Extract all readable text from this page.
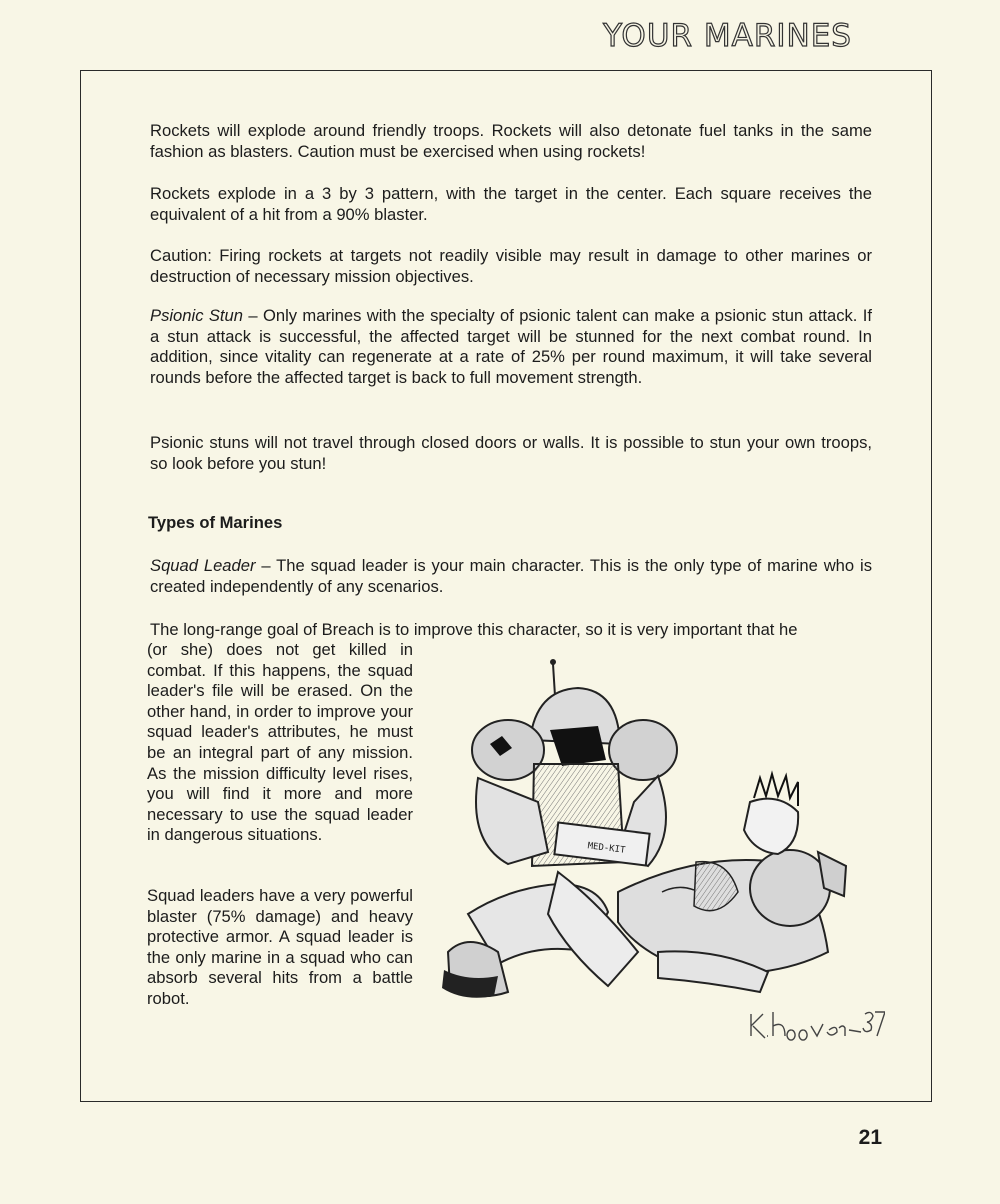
YOUR MARINES

Rockets will explode around friendly troops. Rockets will also detonate fuel tanks in the same fashion as blasters. Caution must be exercised when using rockets!

Rockets explode in a 3 by 3 pattern, with the target in the center. Each square receives the equivalent of a hit from a 90% blaster.

Caution: Firing rockets at targets not readily visible may result in damage to other marines or destruction of necessary mission objectives.

Psionic Stun – Only marines with the specialty of psionic talent can make a psionic stun attack. If a stun attack is successful, the affected target will be stunned for the next combat round. In addition, since vitality can regenerate at a rate of 25% per round maximum, it will take several rounds before the affected target is back to full movement strength.

Psionic stuns will not travel through closed doors or walls. It is possible to stun your own troops, so look before you stun!

Types of Marines

Squad Leader – The squad leader is your main character. This is the only type of marine who is created independently of any scenarios.

The long-range goal of Breach is to improve this character, so it is very important that he

(or she) does not get killed in combat. If this happens, the squad leader's file will be erased. On the other hand, in order to improve your squad leader's attributes, he must be an integral part of any mission. As the mission difficulty level rises, you will find it more and more necessary to use the squad leader in dangerous situations.

Squad leaders have a very powerful blaster (75% damage) and heavy protective armor. A squad leader is the only marine in a squad who can absorb several hits from a battle robot.

MED-KIT
21
